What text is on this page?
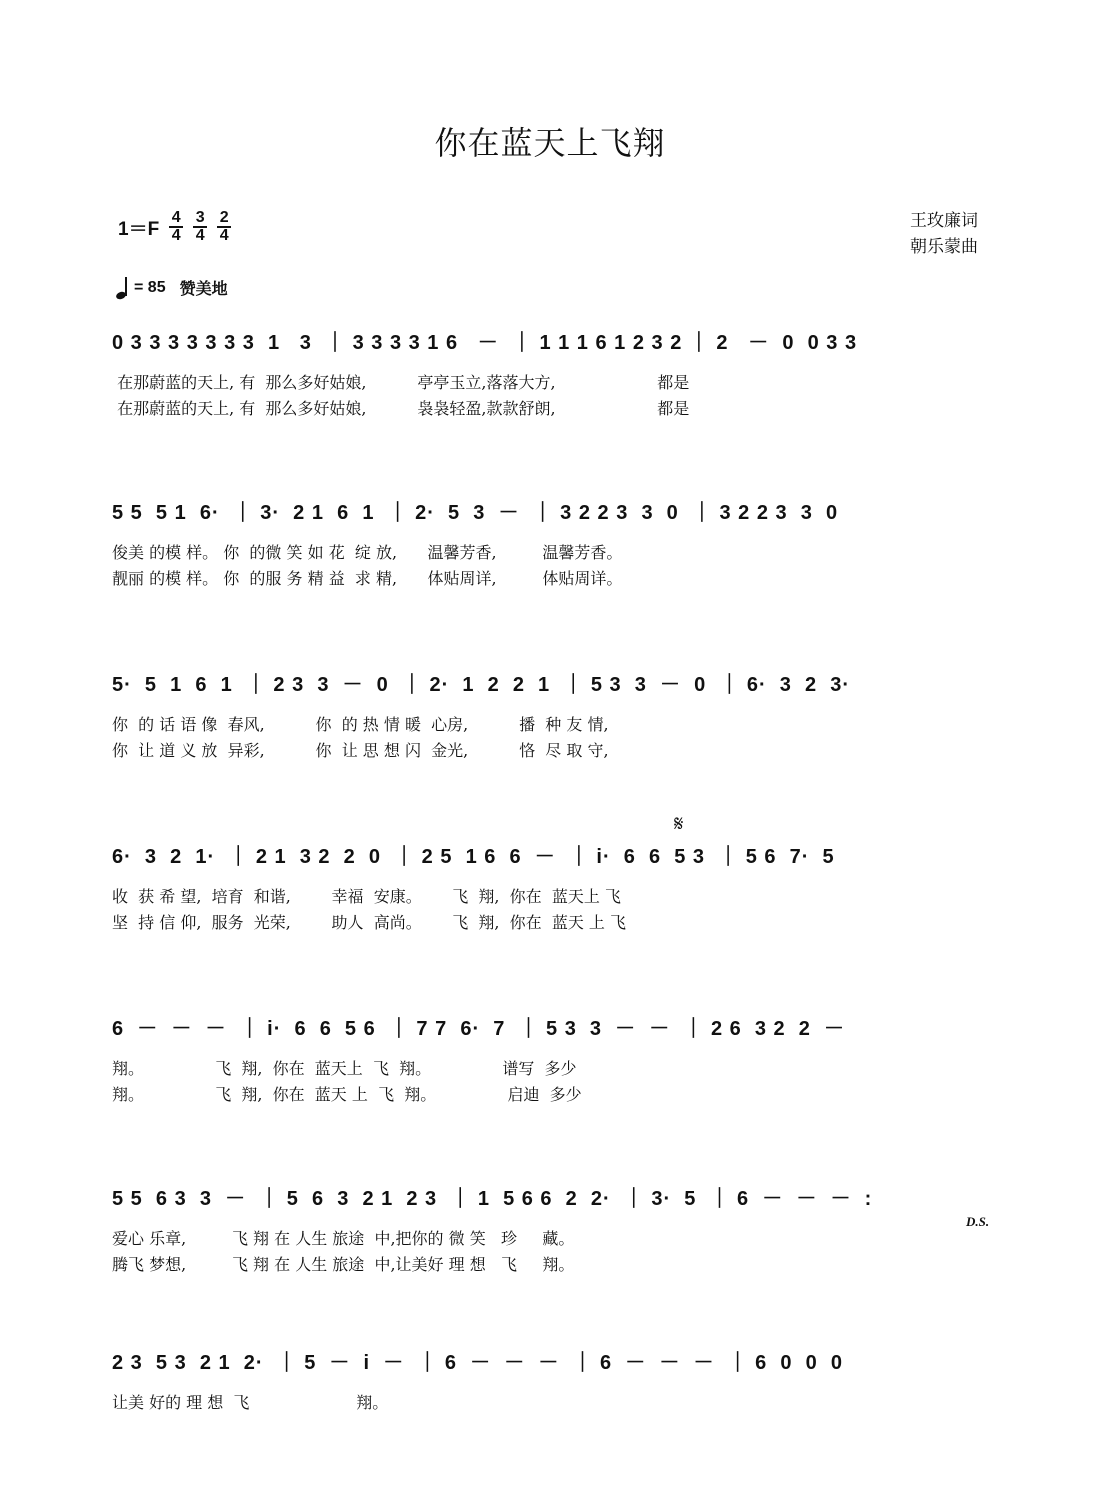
你在蓝天上飞翔
$1=F \frac{4}{4} \frac{3}{4} \frac{2}{4}$	王玫廉词
朝乐蒙曲
= 85 赞美地
𝄋
0 3 3 3 3 3 3 3  1   3  ｜ 3 3 3 3 1 6   －  ｜ 1 1 1 6 1 2 3 2 ｜ 2   －  0  0 3 3
在那蔚蓝的天上, 有  那么多好姑娘,          亭亭玉立,落落大方,                    都是
在那蔚蓝的天上, 有  那么多好姑娘,          袅袅轻盈,款款舒朗,                    都是
5 5  5 1  6·  ｜ 3·  2 1  6  1  ｜ 2·  5  3  －  ｜ 3 2 2 3  3  0  ｜ 3 2 2 3  3  0
俊美 的模 样。 你  的微 笑 如 花  绽 放,      温馨芳香,         温馨芳香。
靓丽 的模 样。 你  的服 务 精 益  求 精,      体贴周详,         体贴周详。
5·  5  1  6  1  ｜ 2 3  3  －  0  ｜ 2·  1  2  2  1  ｜ 5 3  3  －  0  ｜ 6·  3  2  3·
你  的 话 语 像  春风,          你  的 热 情 暖  心房,          播  种 友 情,
你  让 道 义 放  异彩,          你  让 思 想 闪  金光,          恪  尽 取 守,
6·  3  2  1·  ｜ 2 1  3 2  2  0  ｜ 2 5  1 6  6  －  ｜ i·  6  6  5 3  ｜ 5 6  7·  5
收  获 希 望,  培育  和谐,        幸福  安康。      飞  翔,  你在  蓝天上 飞
坚  持 信 仰,  服务  光荣,        助人  高尚。      飞  翔,  你在  蓝天 上 飞
6  －  －  －  ｜ i·  6  6  5 6  ｜ 7 7  6·  7  ｜ 5 3  3  －  －  ｜ 2 6  3 2  2  －
翔。              飞  翔,  你在  蓝天上  飞  翔。              谱写  多少
翔。              飞  翔,  你在  蓝天 上  飞  翔。              启迪  多少
5 5  6 3  3  －  ｜ 5  6  3  2 1  2 3  ｜ 1  5 6 6  2  2·  ｜ 3·  5  ｜ 6  －  －  －  :
爱心 乐章,         飞 翔 在 人生 旅途  中,把你的 微 笑   珍     藏。
腾飞 梦想,         飞 翔 在 人生 旅途  中,让美好 理 想   飞     翔。
D.S.
2 3  5 3  2 1  2·  ｜ 5  －  i  －  ｜ 6  －  －  －  ｜ 6  －  －  －  ｜ 6  0  0  0
让美 好的 理 想  飞                     翔。
